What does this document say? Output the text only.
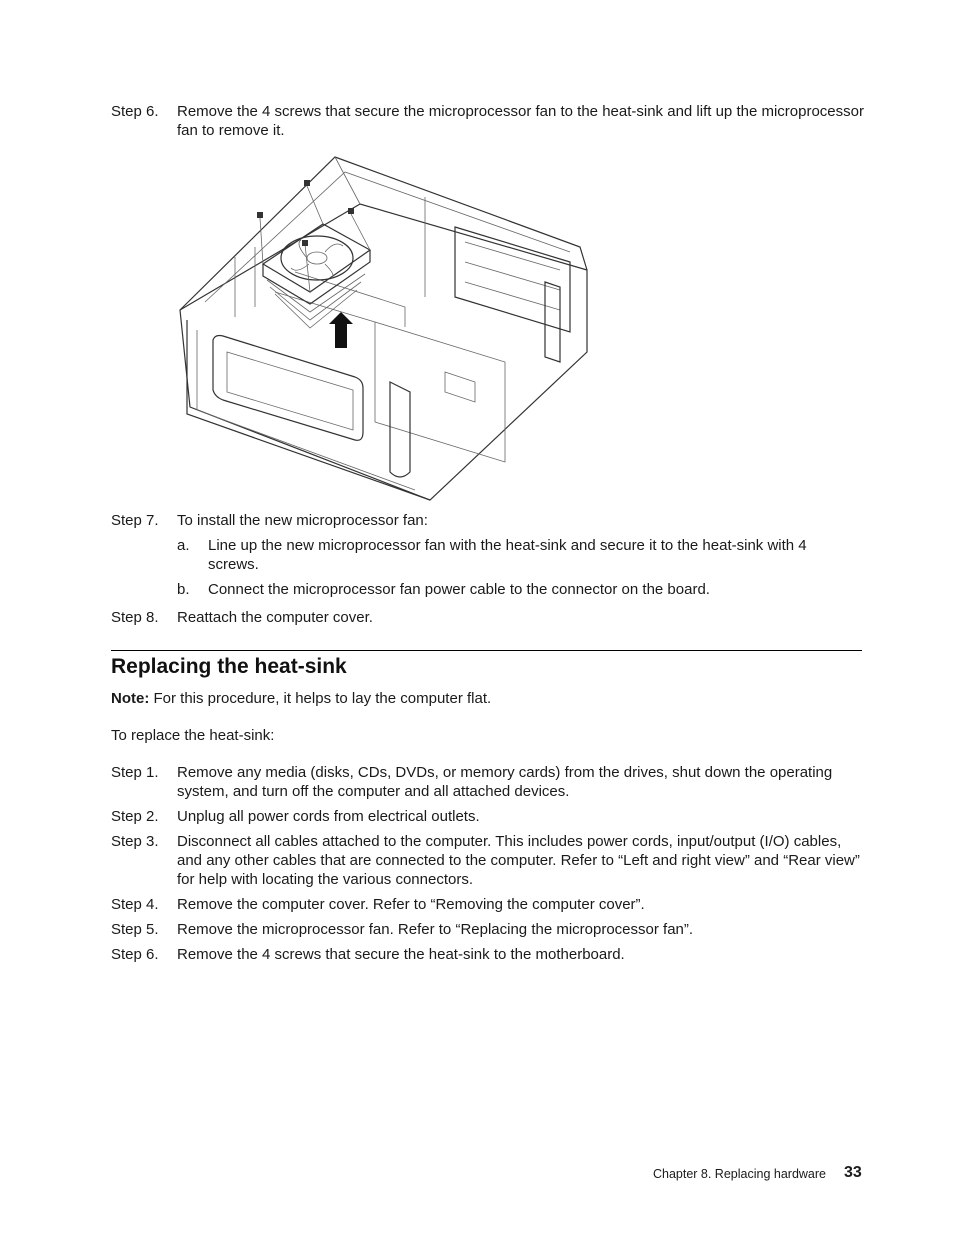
Step 6. Remove the 4 screws that secure the microprocessor fan to the heat-sink and lift up the microprocessor fan to remove it.
Step 7. To install the new microprocessor fan:
a. Line up the new microprocessor fan with the heat-sink and secure it to the heat-sink with 4 screws.
b. Connect the microprocessor fan power cable to the connector on the board.
Step 8. Reattach the computer cover.
Replacing the heat-sink
Note: For this procedure, it helps to lay the computer flat.
To replace the heat-sink:
Step 1. Remove any media (disks, CDs, DVDs, or memory cards) from the drives, shut down the operating system, and turn off the computer and all attached devices.
Step 2. Unplug all power cords from electrical outlets.
Step 3. Disconnect all cables attached to the computer. This includes power cords, input/output (I/O) cables, and any other cables that are connected to the computer. Refer to “Left and right view” and “Rear view” for help with locating the various connectors.
Step 4. Remove the computer cover. Refer to “Removing the computer cover”.
Step 5. Remove the microprocessor fan. Refer to “Replacing the microprocessor fan”.
Step 6. Remove the 4 screws that secure the heat-sink to the motherboard.
Chapter 8. Replacing hardware 33
